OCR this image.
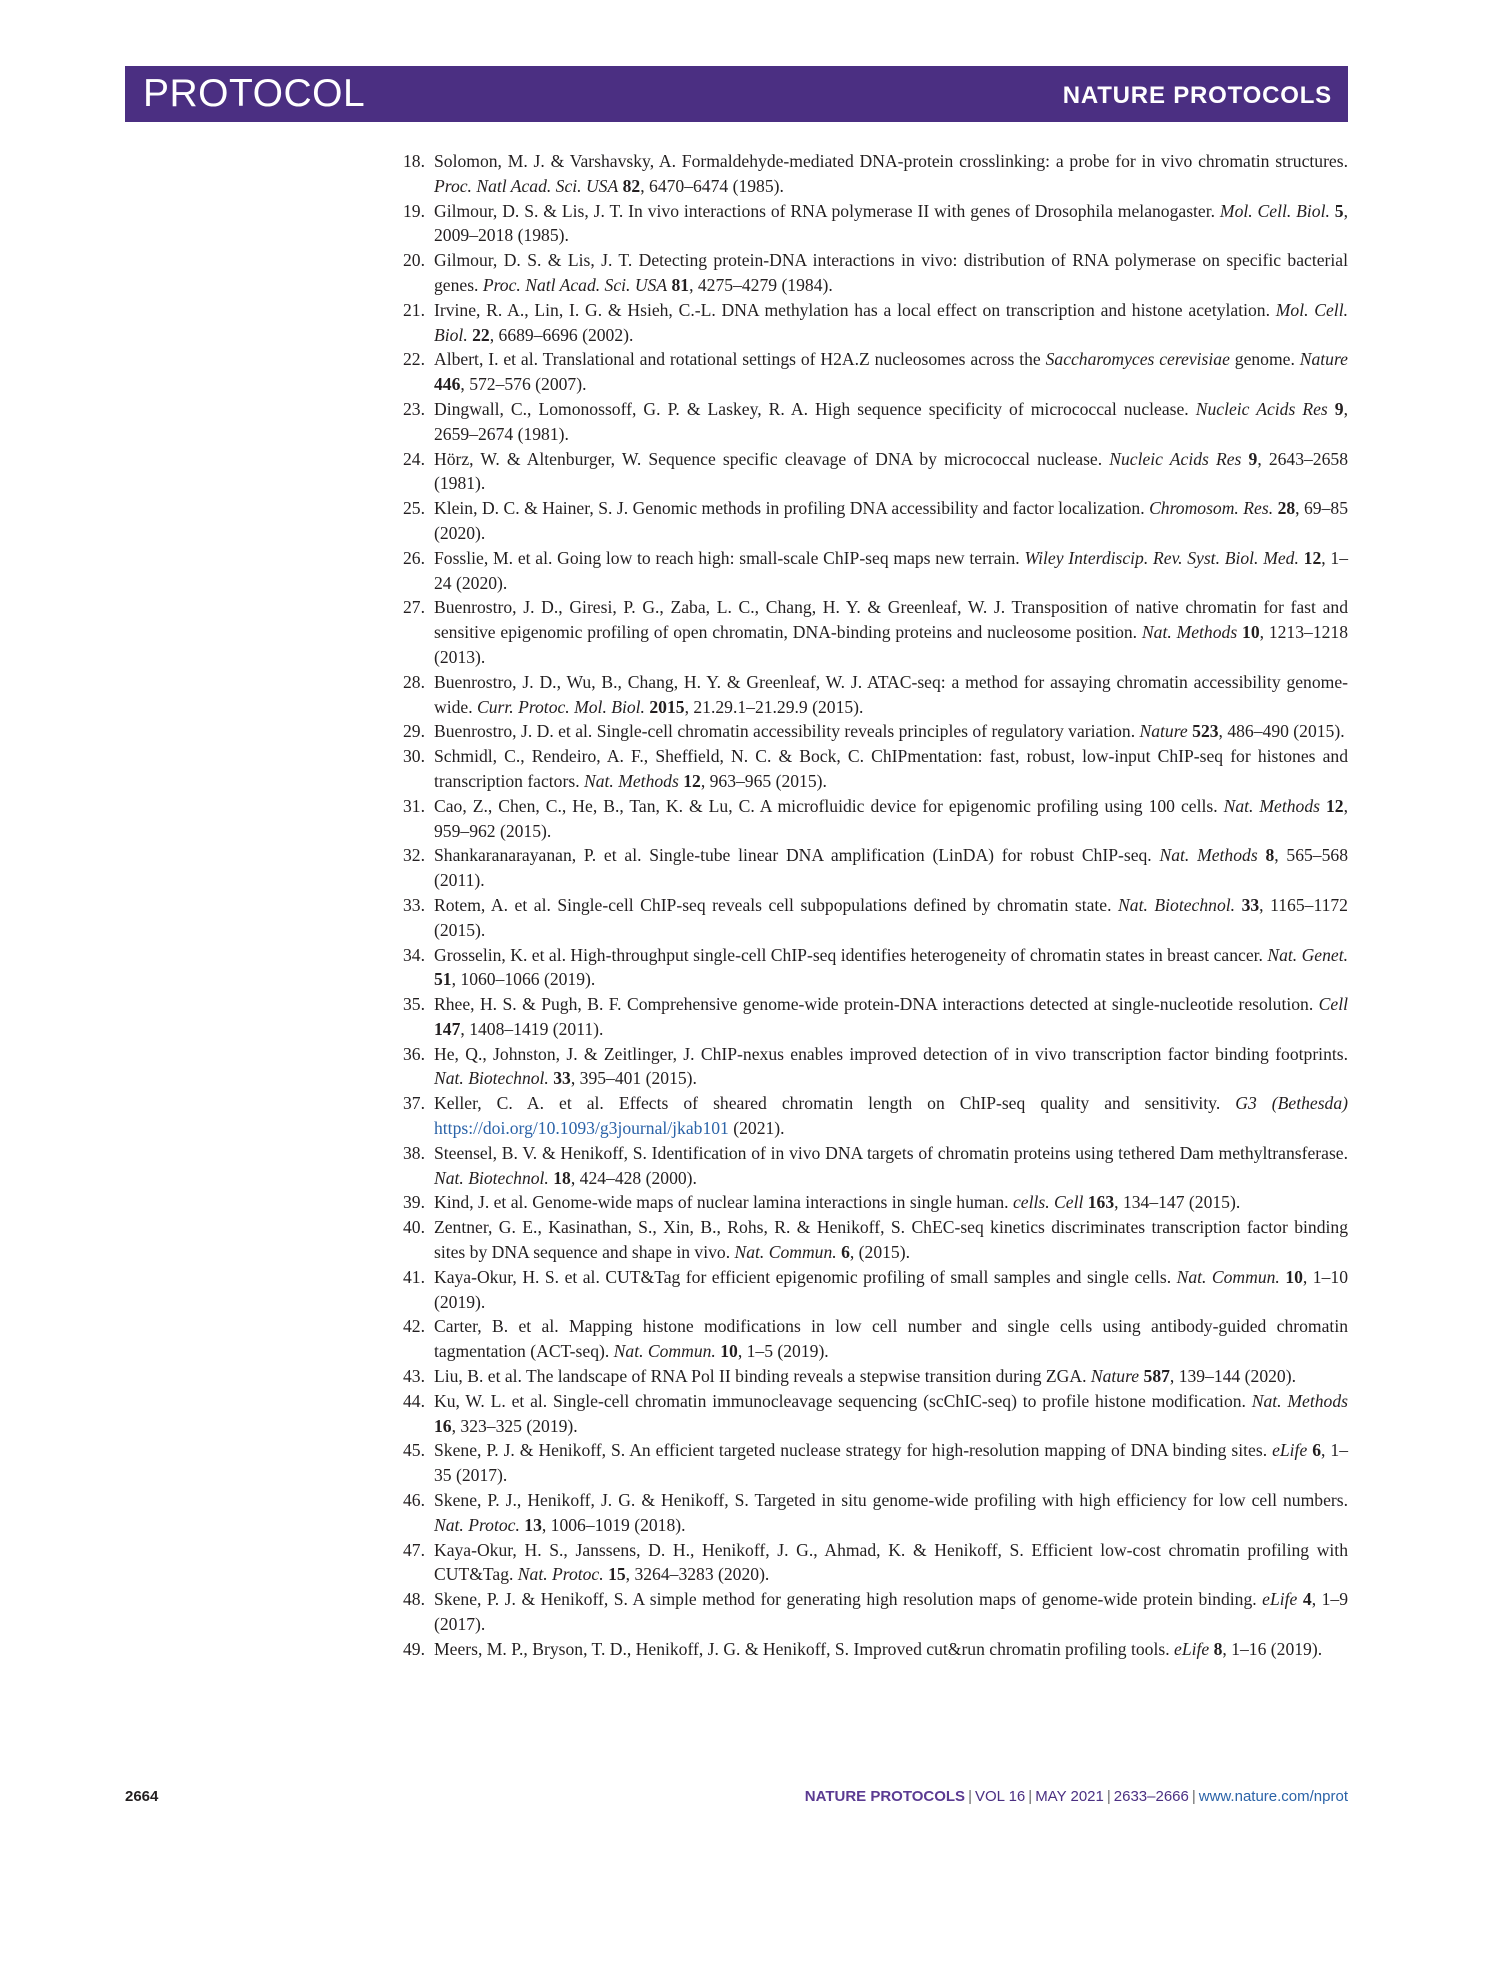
PROTOCOL	NATURE PROTOCOLS
18. Solomon, M. J. & Varshavsky, A. Formaldehyde-mediated DNA-protein crosslinking: a probe for in vivo chromatin structures. Proc. Natl Acad. Sci. USA 82, 6470–6474 (1985).
19. Gilmour, D. S. & Lis, J. T. In vivo interactions of RNA polymerase II with genes of Drosophila melanogaster. Mol. Cell. Biol. 5, 2009–2018 (1985).
20. Gilmour, D. S. & Lis, J. T. Detecting protein-DNA interactions in vivo: distribution of RNA polymerase on specific bacterial genes. Proc. Natl Acad. Sci. USA 81, 4275–4279 (1984).
21. Irvine, R. A., Lin, I. G. & Hsieh, C.-L. DNA methylation has a local effect on transcription and histone acetylation. Mol. Cell. Biol. 22, 6689–6696 (2002).
22. Albert, I. et al. Translational and rotational settings of H2A.Z nucleosomes across the Saccharomyces cerevisiae genome. Nature 446, 572–576 (2007).
23. Dingwall, C., Lomonossoff, G. P. & Laskey, R. A. High sequence specificity of micrococcal nuclease. Nucleic Acids Res 9, 2659–2674 (1981).
24. Hörz, W. & Altenburger, W. Sequence specific cleavage of DNA by micrococcal nuclease. Nucleic Acids Res 9, 2643–2658 (1981).
25. Klein, D. C. & Hainer, S. J. Genomic methods in profiling DNA accessibility and factor localization. Chromosom. Res. 28, 69–85 (2020).
26. Fosslie, M. et al. Going low to reach high: small-scale ChIP-seq maps new terrain. Wiley Interdiscip. Rev. Syst. Biol. Med. 12, 1–24 (2020).
27. Buenrostro, J. D., Giresi, P. G., Zaba, L. C., Chang, H. Y. & Greenleaf, W. J. Transposition of native chromatin for fast and sensitive epigenomic profiling of open chromatin, DNA-binding proteins and nucleosome position. Nat. Methods 10, 1213–1218 (2013).
28. Buenrostro, J. D., Wu, B., Chang, H. Y. & Greenleaf, W. J. ATAC-seq: a method for assaying chromatin accessibility genome-wide. Curr. Protoc. Mol. Biol. 2015, 21.29.1–21.29.9 (2015).
29. Buenrostro, J. D. et al. Single-cell chromatin accessibility reveals principles of regulatory variation. Nature 523, 486–490 (2015).
30. Schmidl, C., Rendeiro, A. F., Sheffield, N. C. & Bock, C. ChIPmentation: fast, robust, low-input ChIP-seq for histones and transcription factors. Nat. Methods 12, 963–965 (2015).
31. Cao, Z., Chen, C., He, B., Tan, K. & Lu, C. A microfluidic device for epigenomic profiling using 100 cells. Nat. Methods 12, 959–962 (2015).
32. Shankaranarayanan, P. et al. Single-tube linear DNA amplification (LinDA) for robust ChIP-seq. Nat. Methods 8, 565–568 (2011).
33. Rotem, A. et al. Single-cell ChIP-seq reveals cell subpopulations defined by chromatin state. Nat. Biotechnol. 33, 1165–1172 (2015).
34. Grosselin, K. et al. High-throughput single-cell ChIP-seq identifies heterogeneity of chromatin states in breast cancer. Nat. Genet. 51, 1060–1066 (2019).
35. Rhee, H. S. & Pugh, B. F. Comprehensive genome-wide protein-DNA interactions detected at single-nucleotide resolution. Cell 147, 1408–1419 (2011).
36. He, Q., Johnston, J. & Zeitlinger, J. ChIP-nexus enables improved detection of in vivo transcription factor binding footprints. Nat. Biotechnol. 33, 395–401 (2015).
37. Keller, C. A. et al. Effects of sheared chromatin length on ChIP-seq quality and sensitivity. G3 (Bethesda) https://doi.org/10.1093/g3journal/jkab101 (2021).
38. Steensel, B. V. & Henikoff, S. Identification of in vivo DNA targets of chromatin proteins using tethered Dam methyltransferase. Nat. Biotechnol. 18, 424–428 (2000).
39. Kind, J. et al. Genome-wide maps of nuclear lamina interactions in single human. cells. Cell 163, 134–147 (2015).
40. Zentner, G. E., Kasinathan, S., Xin, B., Rohs, R. & Henikoff, S. ChEC-seq kinetics discriminates transcription factor binding sites by DNA sequence and shape in vivo. Nat. Commun. 6, (2015).
41. Kaya-Okur, H. S. et al. CUT&Tag for efficient epigenomic profiling of small samples and single cells. Nat. Commun. 10, 1–10 (2019).
42. Carter, B. et al. Mapping histone modifications in low cell number and single cells using antibody-guided chromatin tagmentation (ACT-seq). Nat. Commun. 10, 1–5 (2019).
43. Liu, B. et al. The landscape of RNA Pol II binding reveals a stepwise transition during ZGA. Nature 587, 139–144 (2020).
44. Ku, W. L. et al. Single-cell chromatin immunocleavage sequencing (scChIC-seq) to profile histone modification. Nat. Methods 16, 323–325 (2019).
45. Skene, P. J. & Henikoff, S. An efficient targeted nuclease strategy for high-resolution mapping of DNA binding sites. eLife 6, 1–35 (2017).
46. Skene, P. J., Henikoff, J. G. & Henikoff, S. Targeted in situ genome-wide profiling with high efficiency for low cell numbers. Nat. Protoc. 13, 1006–1019 (2018).
47. Kaya-Okur, H. S., Janssens, D. H., Henikoff, J. G., Ahmad, K. & Henikoff, S. Efficient low-cost chromatin profiling with CUT&Tag. Nat. Protoc. 15, 3264–3283 (2020).
48. Skene, P. J. & Henikoff, S. A simple method for generating high resolution maps of genome-wide protein binding. eLife 4, 1–9 (2017).
49. Meers, M. P., Bryson, T. D., Henikoff, J. G. & Henikoff, S. Improved cut&run chromatin profiling tools. eLife 8, 1–16 (2019).
2664	NATURE PROTOCOLS | VOL 16 | MAY 2021 | 2633–2666 | www.nature.com/nprot
